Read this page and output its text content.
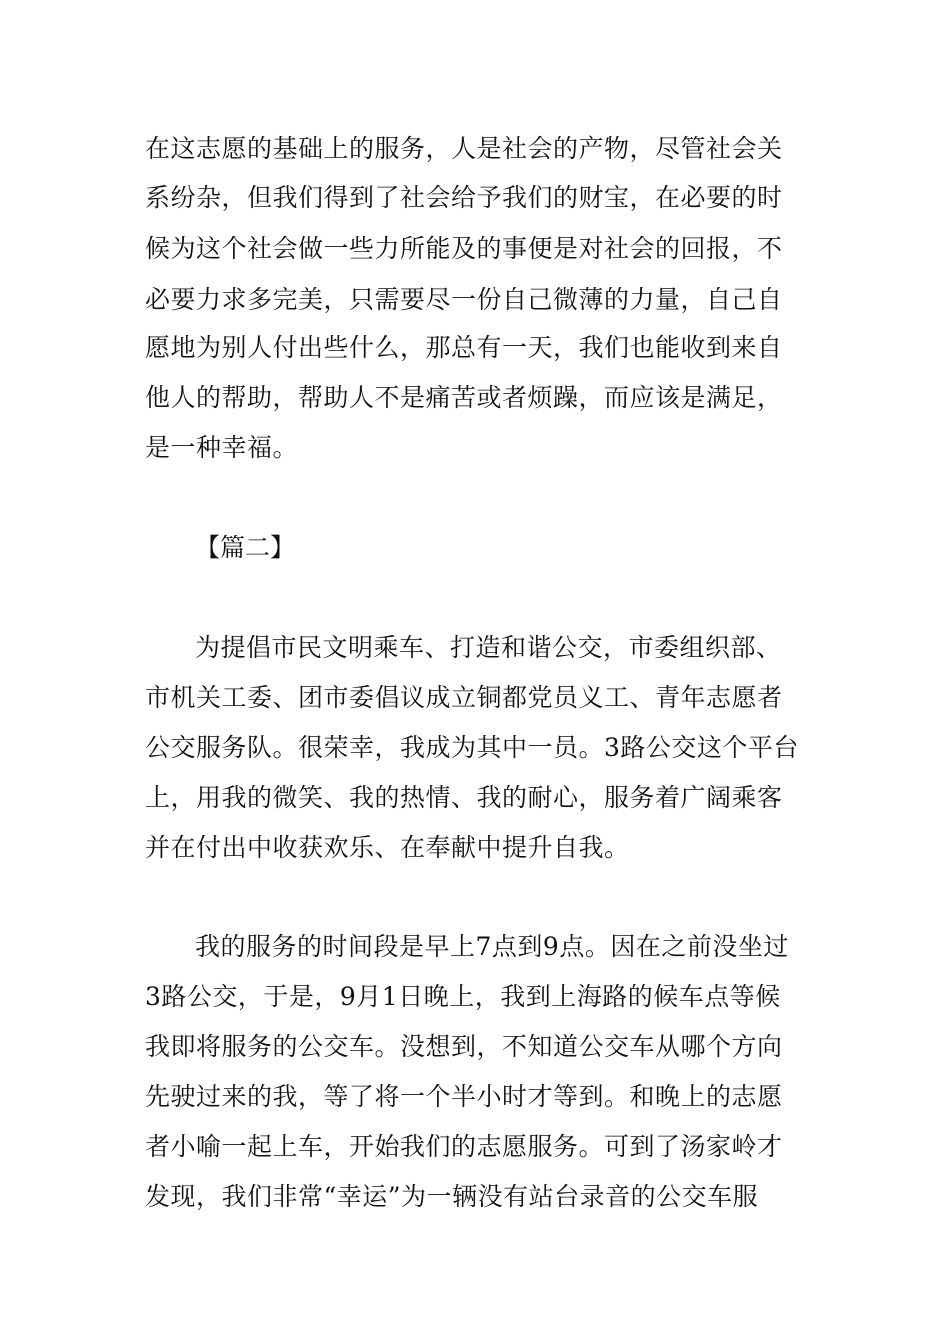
在这志愿的基础上的服务，人是社会的产物，尽管社会关
系纷杂，但我们得到了社会给予我们的财宝，在必要的时
候为这个社会做一些力所能及的事便是对社会的回报，不
必要力求多完美，只需要尽一份自己微薄的力量，自己自
愿地为别人付出些什么，那总有一天，我们也能收到来自
他人的帮助，帮助人不是痛苦或者烦躁，而应该是满足，
是一种幸福。
【篇二】
为提倡市民文明乘车、打造和谐公交，市委组织部、
市机关工委、团市委倡议成立铜都党员义工、青年志愿者
公交服务队。很荣幸，我成为其中一员。3路公交这个平台
上，用我的微笑、我的热情、我的耐心，服务着广阔乘客
并在付出中收获欢乐、在奉献中提升自我。
我的服务的时间段是早上7点到9点。因在之前没坐过
3路公交，于是，9月1日晚上，我到上海路的候车点等候
我即将服务的公交车。没想到，不知道公交车从哪个方向
先驶过来的我，等了将一个半小时才等到。和晚上的志愿
者小喻一起上车，开始我们的志愿服务。可到了汤家岭才
发现，我们非常“幸运”为一辆没有站台录音的公交车服
